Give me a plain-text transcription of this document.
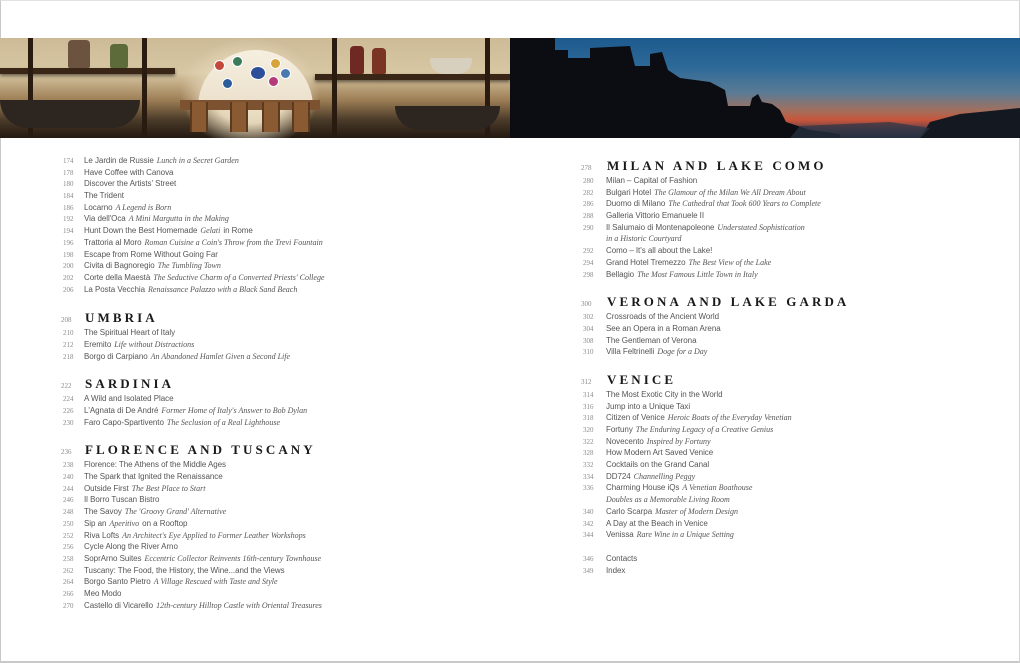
174	Le Jardin de Russie Lunch in a Secret Garden
178	Have Coffee with Canova
180	Discover the Artists' Street
184	The Trident
186	Locarno A Legend is Born
192	Via dell'Oca A Mini Margutta in the Making
194	Hunt Down the Best Homemade Gelati in Rome
196	Trattoria al Moro Roman Cuisine a Coin's Throw from the Trevi Fountain
198	Escape from Rome Without Going Far
200	Civita di Bagnoregio The Tumbling Town
202	Corte della Maestà The Seductive Charm of a Converted Priests' College
206	La Posta Vecchia Renaissance Palazzo with a Black Sand Beach
208	UMBRIA
210	The Spiritual Heart of Italy
212	Eremito Life without Distractions
218	Borgo di Carpiano An Abandoned Hamlet Given a Second Life
222	SARDINIA
224	A Wild and Isolated Place
226	L'Agnata di De André Former Home of Italy's Answer to Bob Dylan
230	Faro Capo-Spartivento The Seclusion of a Real Lighthouse
236	FLORENCE AND TUSCANY
238	Florence: The Athens of the Middle Ages
240	The Spark that Ignited the Renaissance
244	Outside First The Best Place to Start
246	Il Borro Tuscan Bistro
248	The Savoy The 'Groovy Grand' Alternative
250	Sip an Aperitivo on a Rooftop
252	Riva Lofts An Architect's Eye Applied to Former Leather Workshops
256	Cycle Along the River Arno
258	SoprArno Suites Eccentric Collector Reinvents 16th-century Townhouse
262	Tuscany: The Food, the History, the Wine...and the Views
264	Borgo Santo Pietro A Village Rescued with Taste and Style
266	Meo Modo
270	Castello di Vicarello 12th-century Hilltop Castle with Oriental Treasures
278	MILAN AND LAKE COMO
280	Milan – Capital of Fashion
282	Bulgari Hotel The Glamour of the Milan We All Dream About
286	Duomo di Milano The Cathedral that Took 600 Years to Complete
288	Galleria Vittorio Emanuele II
290	Il Salumaio di Montenapoleone Understated Sophistication
in a Historic Courtyard
292	Como – It's all about the Lake!
294	Grand Hotel Tremezzo The Best View of the Lake
298	Bellagio The Most Famous Little Town in Italy
300	VERONA AND LAKE GARDA
302	Crossroads of the Ancient World
304	See an Opera in a Roman Arena
308	The Gentleman of Verona
310	Villa Feltrinelli Doge for a Day
312	VENICE
314	The Most Exotic City in the World
316	Jump into a Unique Taxi
318	Citizen of Venice Heroic Boats of the Everyday Venetian
320	Fortuny The Enduring Legacy of a Creative Genius
322	Novecento Inspired by Fortuny
328	How Modern Art Saved Venice
332	Cocktails on the Grand Canal
334	DD724 Channelling Peggy
336	Charming House iQs A Venetian Boathouse
Doubles as a Memorable Living Room
340	Carlo Scarpa Master of Modern Design
342	A Day at the Beach in Venice
344	Venissa Rare Wine in a Unique Setting
346	Contacts
349	Index
